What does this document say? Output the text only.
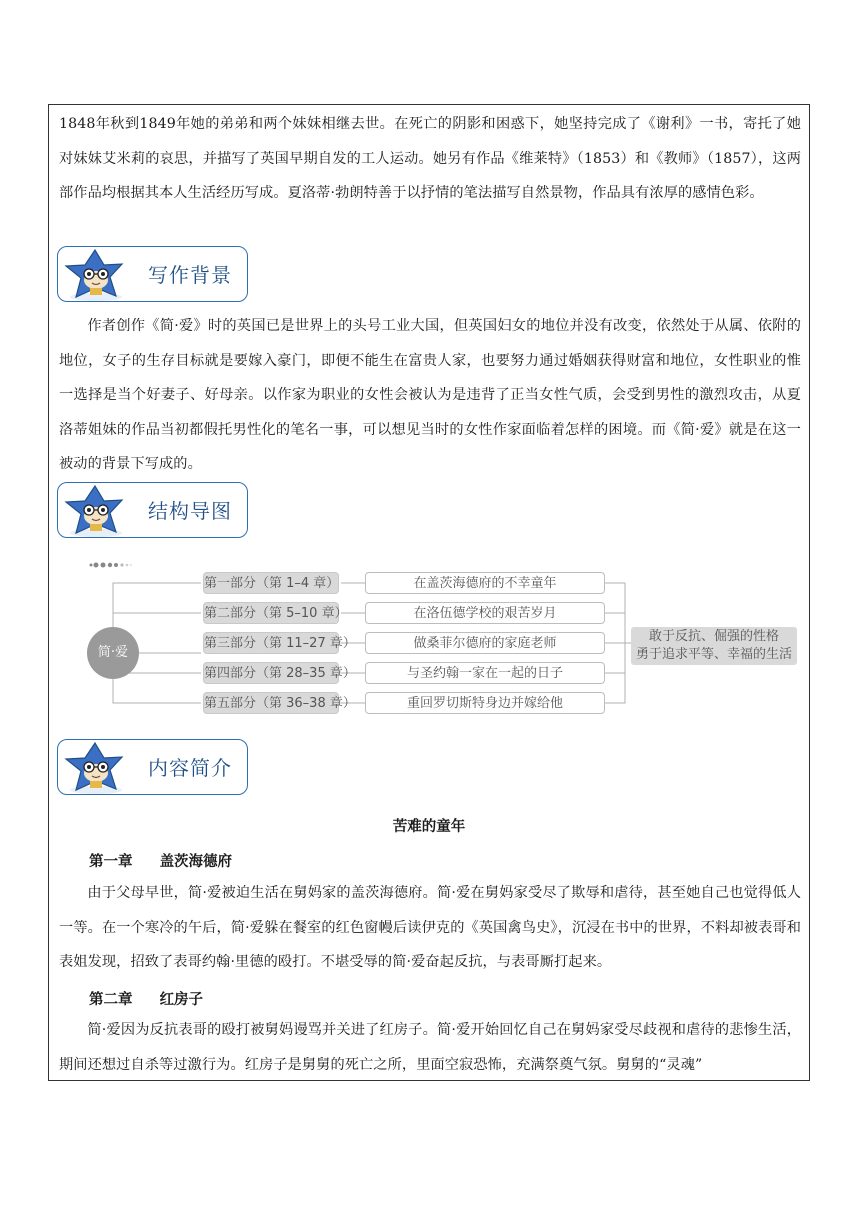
1848年秋到1849年她的弟弟和两个妹妹相继去世。在死亡的阴影和困惑下，她坚持完成了《谢利》一书，寄托了她对妹妹艾米莉的哀思，并描写了英国早期自发的工人运动。她另有作品《维莱特》（1853）和《教师》（1857），这两部作品均根据其本人生活经历写成。夏洛蒂·勃朗特善于以抒情的笔法描写自然景物，作品具有浓厚的感情色彩。

写作背景

作者创作《简·爱》时的英国已是世界上的头号工业大国，但英国妇女的地位并没有改变，依然处于从属、依附的地位，女子的生存目标就是要嫁入豪门，即便不能生在富贵人家，也要努力通过婚姻获得财富和地位，女性职业的惟一选择是当个好妻子、好母亲。以作家为职业的女性会被认为是违背了正当女性气质，会受到男性的激烈攻击，从夏洛蒂姐妹的作品当初都假托男性化的笔名一事，可以想见当时的女性作家面临着怎样的困境。而《简·爱》就是在这一被动的背景下写成的。

结构导图
简·爱
第一部分（第 1–4 章）
第二部分（第 5–10 章）
第三部分（第 11–27 章）
第四部分（第 28–35 章）
第五部分（第 36–38 章）
在盖茨海德府的不幸童年
在洛伍德学校的艰苦岁月
做桑菲尔德府的家庭老师
与圣约翰一家在一起的日子
重回罗切斯特身边并嫁给他
敢于反抗、倔强的性格
勇于追求平等、幸福的生活
内容简介
苦难的童年
第一章 盖茨海德府

由于父母早世，简·爱被迫生活在舅妈家的盖茨海德府。简·爱在舅妈家受尽了欺辱和虐待，甚至她自己也觉得低人一等。在一个寒冷的午后，简·爱躲在餐室的红色窗幔后读伊克的《英国禽鸟史》，沉浸在书中的世界，不料却被表哥和表姐发现，招致了表哥约翰·里德的殴打。不堪受辱的简·爱奋起反抗，与表哥厮打起来。

第二章 红房子

简·爱因为反抗表哥的殴打被舅妈谩骂并关进了红房子。简·爱开始回忆自己在舅妈家受尽歧视和虐待的悲惨生活，期间还想过自杀等过激行为。红房子是舅舅的死亡之所，里面空寂恐怖，充满祭奠气氛。舅舅的“灵魂”
